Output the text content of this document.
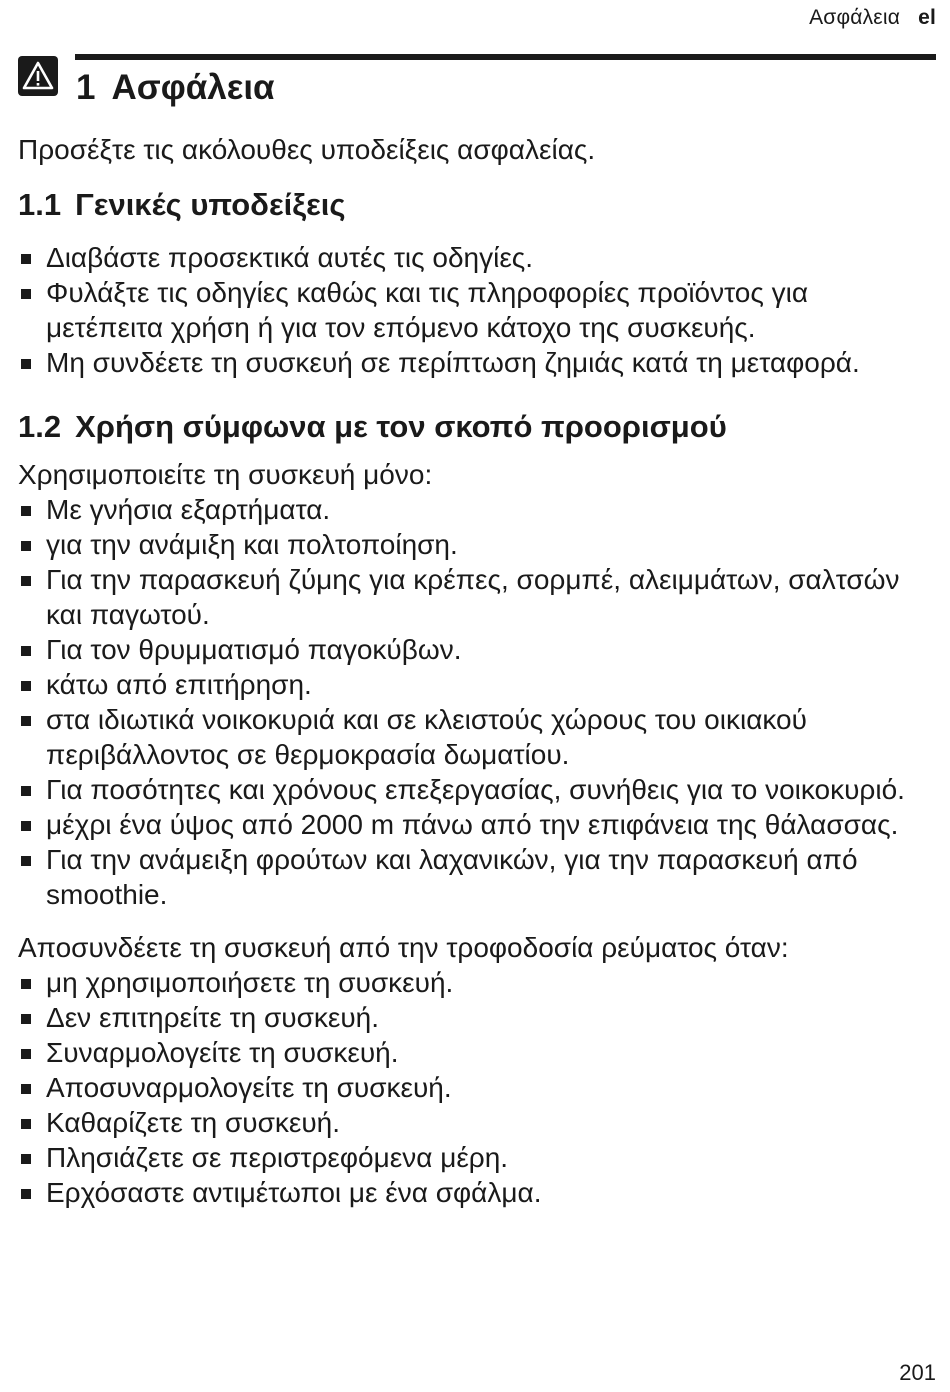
Ασφάλεια el
1 Ασφάλεια

Προσέξτε τις ακόλουθες υποδείξεις ασφαλείας.

1.1 Γενικές υποδείξεις
Διαβάστε προσεκτικά αυτές τις οδηγίες.
Φυλάξτε τις οδηγίες καθώς και τις πληροφορίες προϊόντος για μετέπειτα χρήση ή για τον επόμενο κάτοχο της συσκευής.
Μη συνδέετε τη συσκευή σε περίπτωση ζημιάς κατά τη μεταφορά.
1.2 Χρήση σύμφωνα με τον σκοπό προορισμού

Χρησιμοποιείτε τη συσκευή μόνο:

Με γνήσια εξαρτήματα.
για την ανάμιξη και πολτοποίηση.
Για την παρασκευή ζύμης για κρέπες, σορμπέ, αλειμμάτων, σαλτσών και παγωτού.
Για τον θρυμματισμό παγοκύβων.
κάτω από επιτήρηση.
στα ιδιωτικά νοικοκυριά και σε κλειστούς χώρους του οικιακού περιβάλλοντος σε θερμοκρασία δωματίου.
Για ποσότητες και χρόνους επεξεργασίας, συνήθεις για το νοικοκυριό.
μέχρι ένα ύψος από 2000 m πάνω από την επιφάνεια της θάλασσας.
Για την ανάμειξη φρούτων και λαχανικών, για την παρασκευή από smoothie.

Αποσυνδέετε τη συσκευή από την τροφοδοσία ρεύματος όταν:

μη χρησιμοποιήσετε τη συσκευή.
Δεν επιτηρείτε τη συσκευή.
Συναρμολογείτε τη συσκευή.
Αποσυναρμολογείτε τη συσκευή.
Καθαρίζετε τη συσκευή.
Πλησιάζετε σε περιστρεφόμενα μέρη.
Ερχόσαστε αντιμέτωποι με ένα σφάλμα.
201
